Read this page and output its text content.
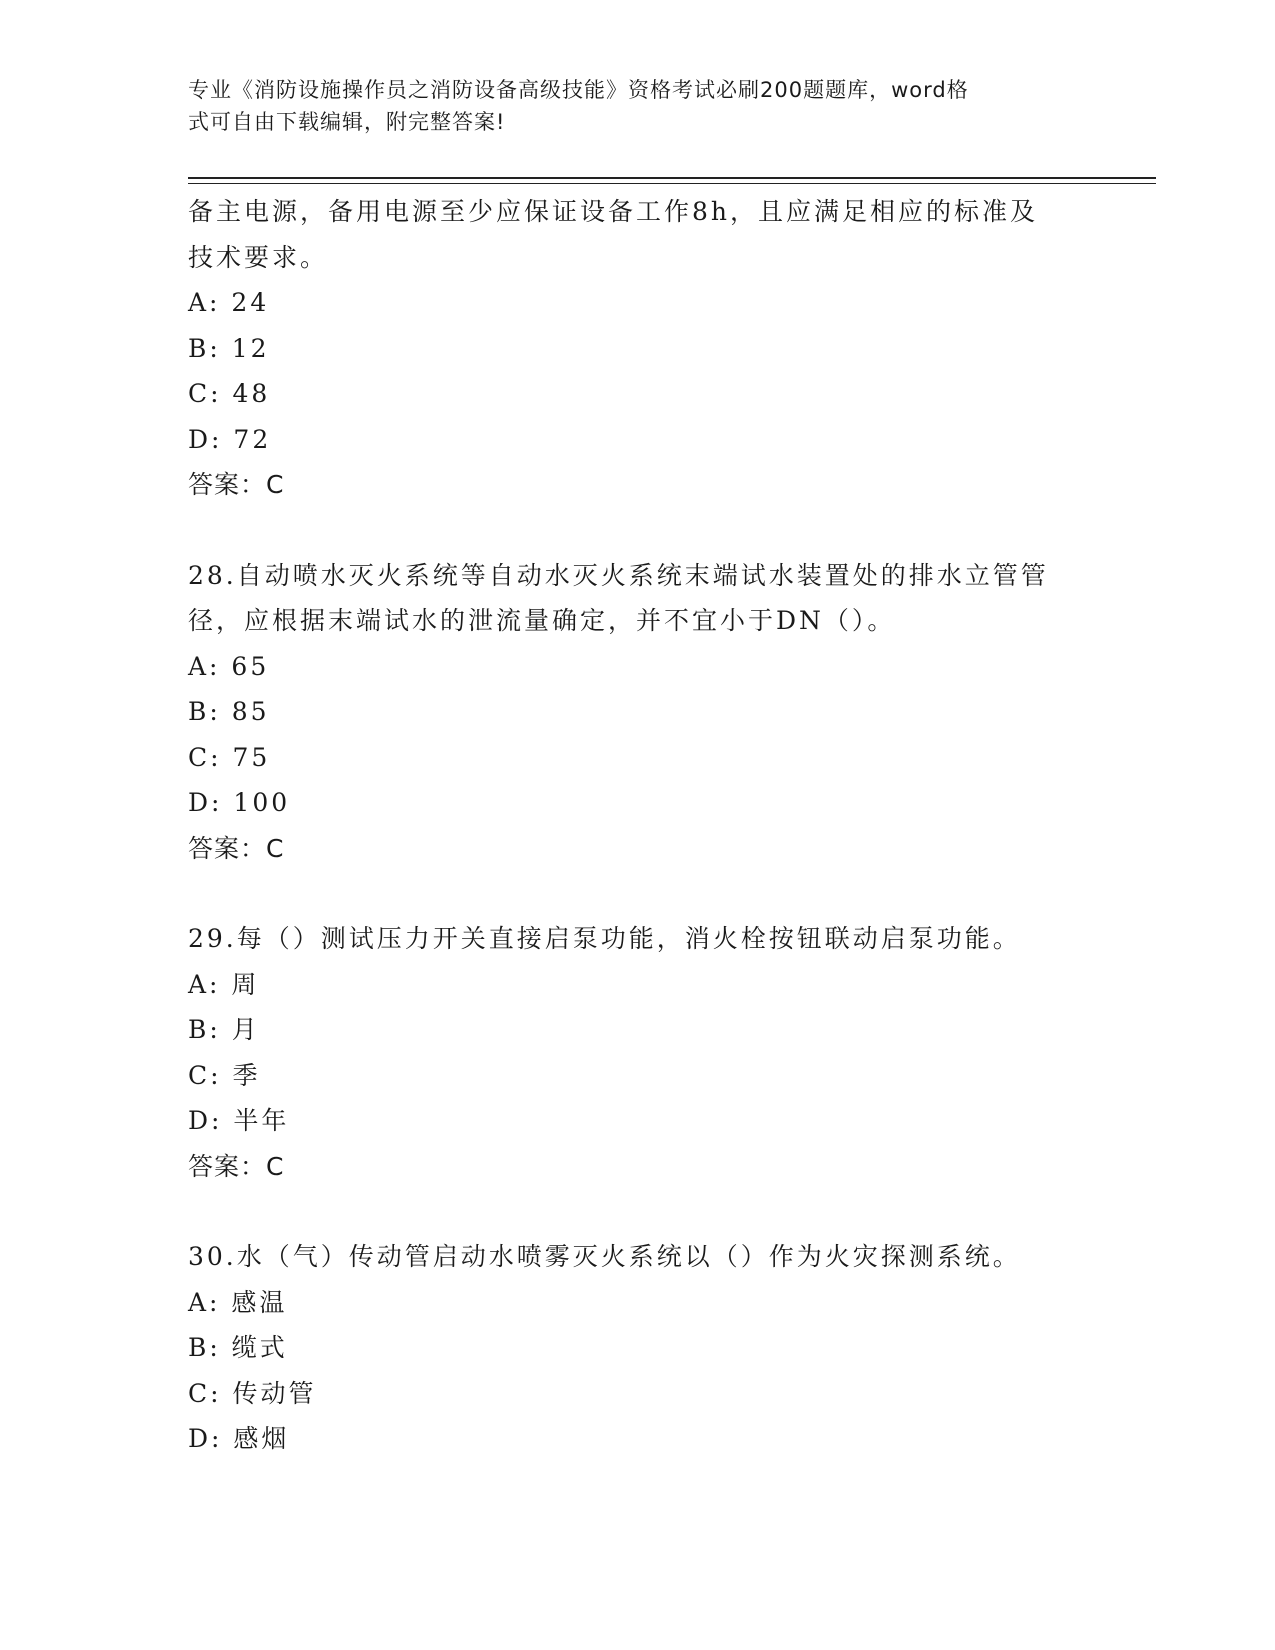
专业《消防设施操作员之消防设备高级技能》资格考试必刷200题题库，word格
式可自由下载编辑，附完整答案!
备主电源，备用电源至少应保证设备工作8h，且应满足相应的标准及
技术要求。
A: 24
B: 12
C: 48
D: 72
答案：C
28.自动喷水灭火系统等自动水灭火系统末端试水装置处的排水立管管
径，应根据末端试水的泄流量确定，并不宜小于DN（）。
A: 65
B: 85
C: 75
D: 100
答案：C
29.每（）测试压力开关直接启泵功能，消火栓按钮联动启泵功能。
A: 周
B: 月
C: 季
D: 半年
答案：C
30.水（气）传动管启动水喷雾灭火系统以（）作为火灾探测系统。
A: 感温
B: 缆式
C: 传动管
D: 感烟
